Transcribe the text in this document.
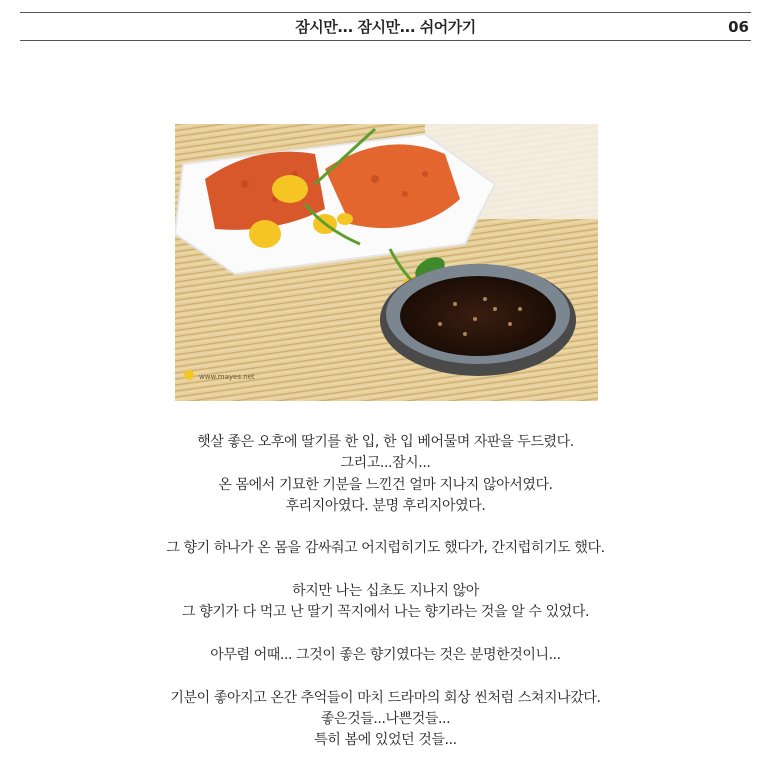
잠시만... 잠시만... 쉬어가기	06
www.mayes.net

햇살 좋은 오후에 딸기를 한 입, 한 입 베어물며 자판을 두드렸다.
그리고...잠시...
온 몸에서 기묘한 기분을 느낀건 얼마 지나지 않아서였다.
후리지아였다. 분명 후리지아였다.

그 향기 하나가 온 몸을 감싸줘고 어지럽히기도 했다가, 간지럽히기도 했다.

하지만 나는 십초도 지나지 않아
그 향기가 다 먹고 난 딸기 꼭지에서 나는 향기라는 것을 알 수 있었다.

아무렴 어때... 그것이 좋은 향기였다는 것은 분명한것이니...

기분이 좋아지고 온간 추억들이 마치 드라마의 회상 씬처럼 스쳐지나갔다.
좋은것들...나쁜것들...
특히 봄에 있었던 것들...
